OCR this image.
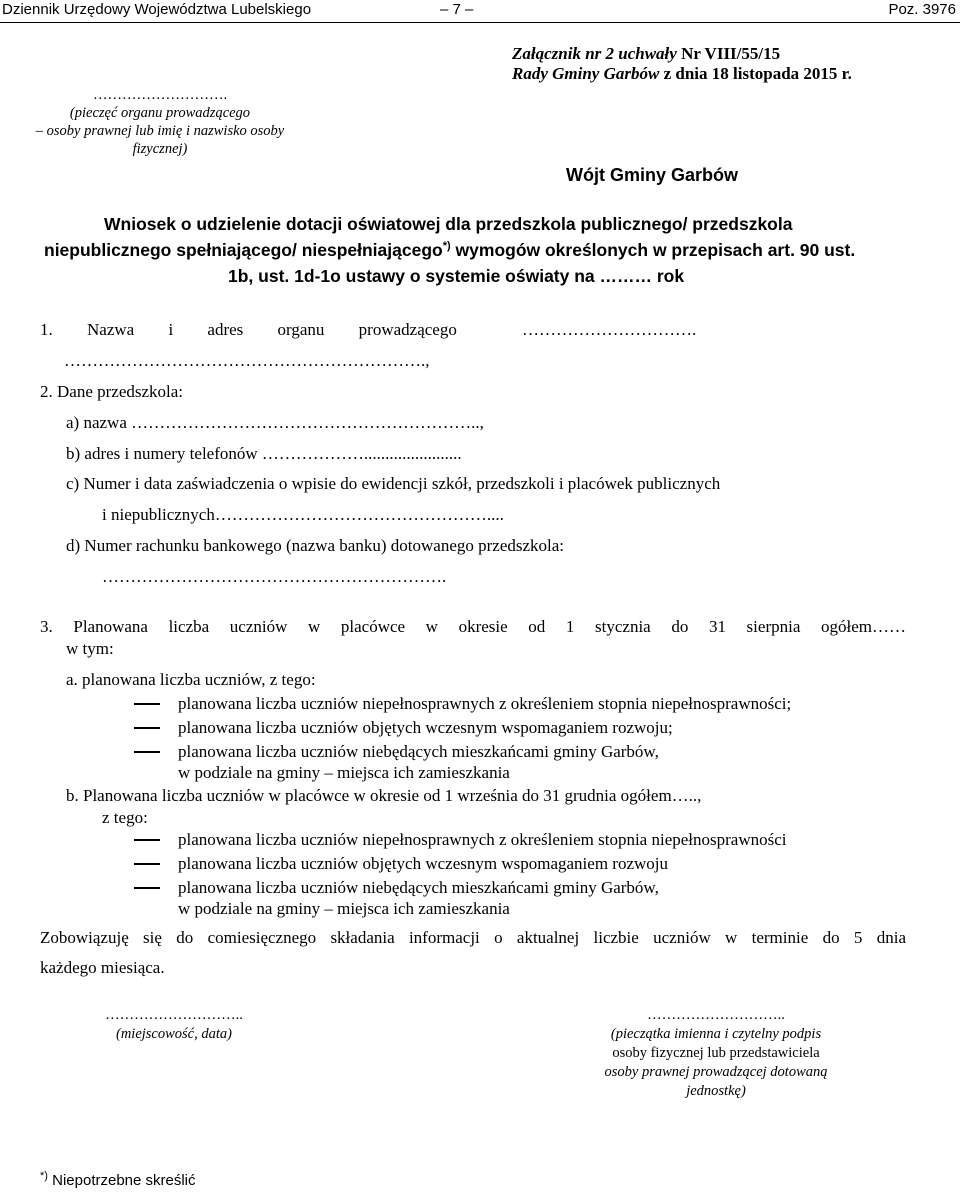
Dziennik Urzędowy Województwa Lubelskiego	– 7 –	Poz. 3976
Załącznik nr 2 uchwały Nr VIII/55/15
Rady Gminy Garbów z dnia 18 listopada 2015 r.
……………………….
(pieczęć organu prowadzącego
– osoby prawnej lub imię i nazwisko osoby
fizycznej)
Wójt Gminy Garbów
Wniosek o udzielenie dotacji oświatowej dla przedszkola publicznego/ przedszkola
niepublicznego spełniającego/ niespełniającego*) wymogów określonych w przepisach art. 90 ust.
1b, ust. 1d-1o ustawy o systemie oświaty na ……… rok
1. Nazwa i adres organu prowadzącego	………………………….
……………………………………………………….,
2. Dane przedszkola:
a) nazwa ……………………………………………………..,
b) adres i numery telefonów ……………….......................
c) Numer i data zaświadczenia o wpisie do ewidencji szkół, przedszkoli i placówek publicznych
i niepublicznych…………………………………………....
d) Numer rachunku bankowego (nazwa banku) dotowanego przedszkola:
…………………………………………………….
3. Planowana liczba uczniów w placówce w okresie od 1 stycznia do 31 sierpnia ogółem……
w tym:
a. planowana liczba uczniów, z tego:
planowana liczba uczniów niepełnosprawnych z określeniem stopnia niepełnosprawności;
planowana liczba uczniów objętych wczesnym wspomaganiem rozwoju;
planowana liczba uczniów niebędących mieszkańcami gminy Garbów,
w podziale na gminy – miejsca ich zamieszkania
b. Planowana liczba uczniów w placówce w okresie od 1 września do 31 grudnia ogółem…..,
z tego:
planowana liczba uczniów niepełnosprawnych z określeniem stopnia niepełnosprawności
planowana liczba uczniów objętych wczesnym wspomaganiem rozwoju
planowana liczba uczniów niebędących mieszkańcami gminy Garbów,
w podziale na gminy – miejsca ich zamieszkania
Zobowiązuję się do comiesięcznego składania informacji o aktualnej liczbie uczniów w terminie do 5 dnia
każdego miesiąca.
………………………..
(miejscowość, data)
………………………..
(pieczątka imienna i czytelny podpis
osoby fizycznej lub przedstawiciela
osoby prawnej prowadzącej dotowaną
jednostkę)
*) Niepotrzebne skreślić
